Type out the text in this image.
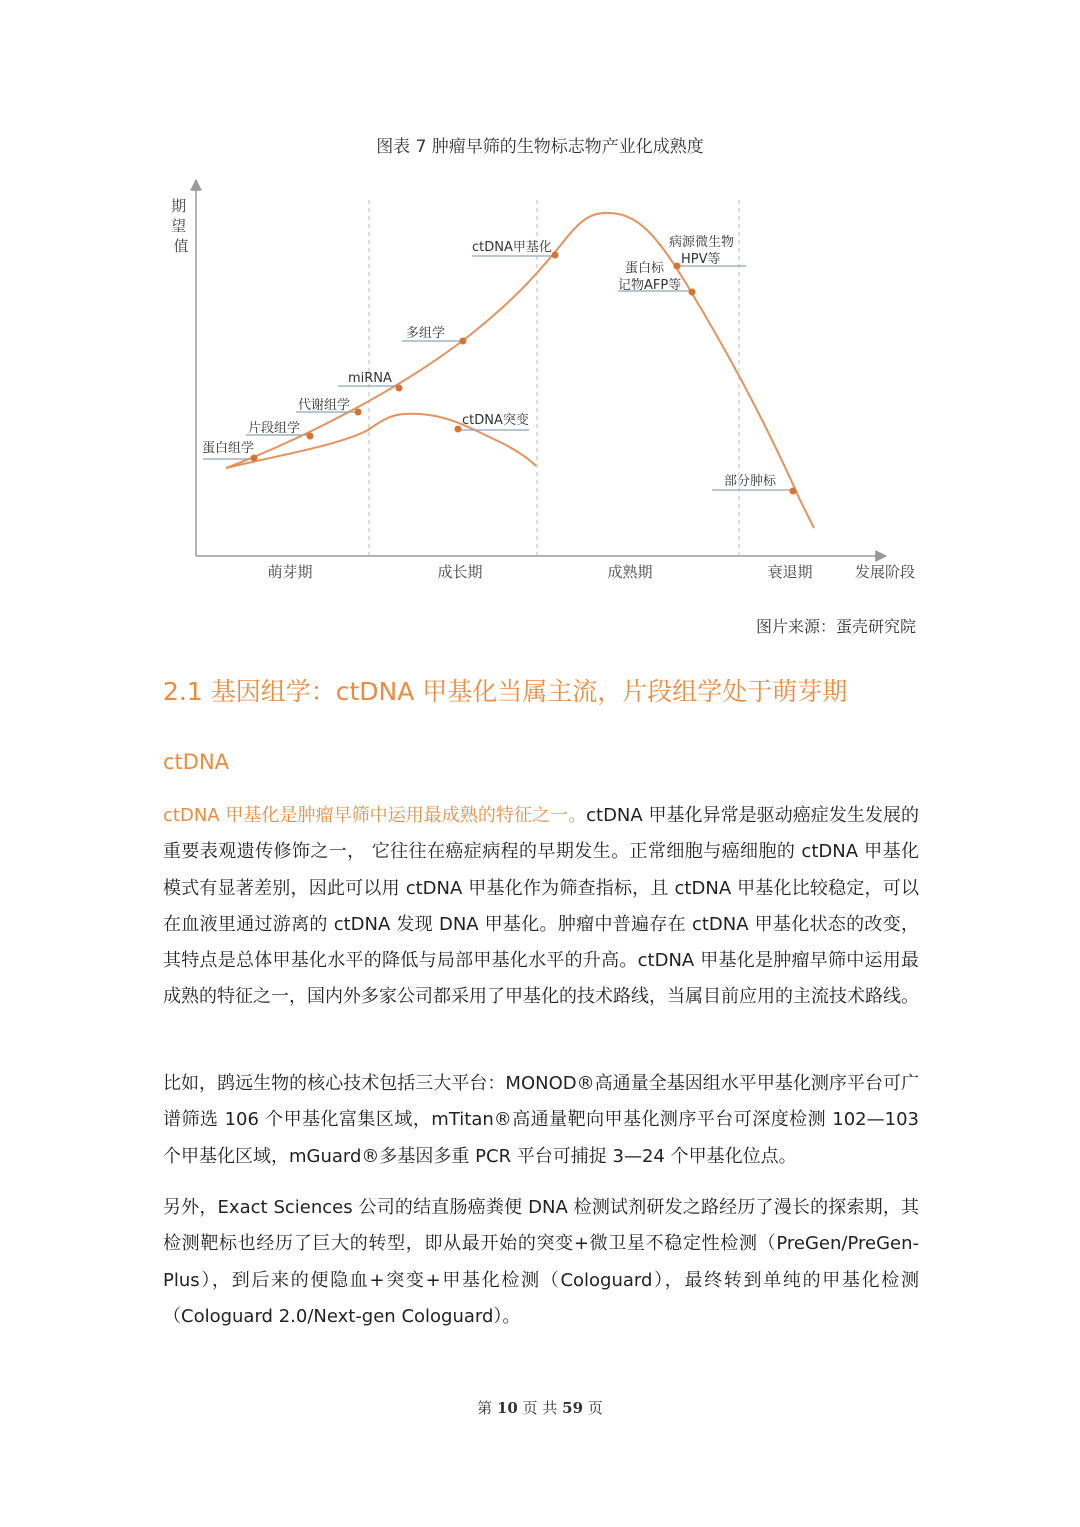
图表 7 肿瘤早筛的生物标志物产业化成熟度
期 望 值
萌芽期	成长期	成熟期	衰退期	发展阶段
蛋白组学
片段组学
代谢组学
miRNA
多组学
ctDNA甲基化	病源微生物
HPV等
蛋白标
记物AFP等
部分肿标
ctDNA突变
图片来源：蛋壳研究院
2.1 基因组学：ctDNA 甲基化当属主流，片段组学处于萌芽期
ctDNA

ctDNA 甲基化是肿瘤早筛中运用最成熟的特征之一。ctDNA 甲基化异常是驱动癌症发生发展的重要表观遗传修饰之一， 它往往在癌症病程的早期发生。正常细胞与癌细胞的 ctDNA 甲基化模式有显著差别，因此可以用 ctDNA 甲基化作为筛查指标，且 ctDNA 甲基化比较稳定，可以在血液里通过游离的 ctDNA 发现 DNA 甲基化。肿瘤中普遍存在 ctDNA 甲基化状态的改变，其特点是总体甲基化水平的降低与局部甲基化水平的升高。ctDNA 甲基化是肿瘤早筛中运用最成熟的特征之一，国内外多家公司都采用了甲基化的技术路线，当属目前应用的主流技术路线。

比如，鹍远生物的核心技术包括三大平台：MONOD®高通量全基因组水平甲基化测序平台可广谱筛选 106 个甲基化富集区域，mTitan®高通量靶向甲基化测序平台可深度检测 102—103 个甲基化区域，mGuard®多基因多重 PCR 平台可捕捉 3—24 个甲基化位点。

另外，Exact Sciences 公司的结直肠癌粪便 DNA 检测试剂研发之路经历了漫长的探索期，其检测靶标也经历了巨大的转型，即从最开始的突变+微卫星不稳定性检测（PreGen/PreGen-Plus），到后来的便隐血+突变+甲基化检测（Cologuard），最终转到单纯的甲基化检测（Cologuard 2.0/Next-gen Cologuard）。

第 10 页 共 59 页
